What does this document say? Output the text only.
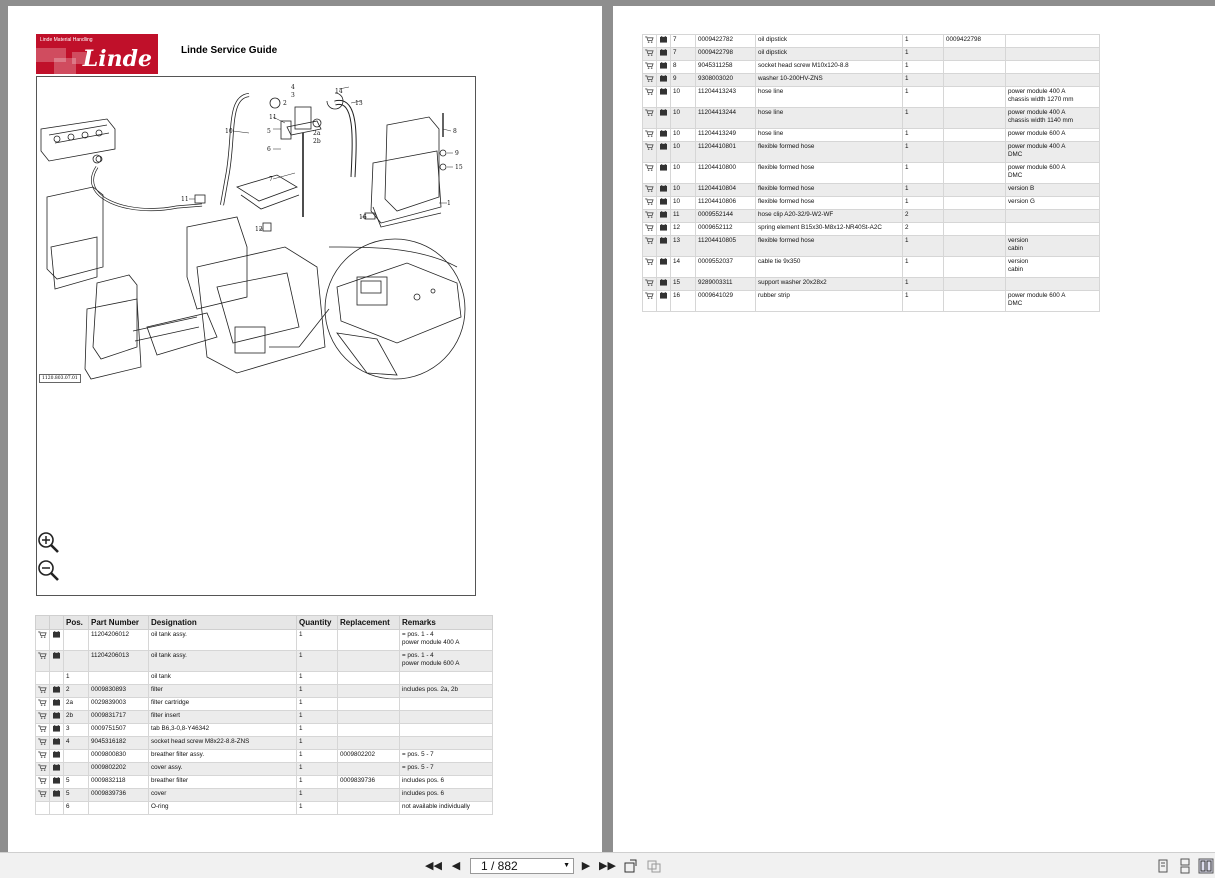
Linde Material Handling
Linde	Linde Service Guide
4
3
2
11
5
6
7
10
14
13
2a
2b
8
9
15
1
16
12
11
1120.803.07.01
		Pos.	Part Number	Designation	Quantity	Replacement	Remarks
			11204206012	oil tank assy.	1		= pos. 1 - 4
power module 400 A

			11204206013	oil tank assy.	1		= pos. 1 - 4
power module 600 A

		1		oil tank	1		

		2	0009830893	filter	1		includes pos. 2a, 2b

		2a	0029839003	filter cartridge	1		

		2b	0009831717	filter insert	1		

		3	0009751507	tab B6,3-0,8-Y46342	1		

		4	9045316182	socket head screw M8x22-8.8-ZNS	1		

			0009800830	breather filter assy.	1	0009802202	= pos. 5 - 7

			0009802202	cover assy.	1		= pos. 5 - 7

		5	0009832118	breather filter	1	0009839736	includes pos. 6

		5	0009839736	cover	1		includes pos. 6

		6		O-ring	1		not available individually
		7	0009422782	oil dipstick	1	0009422798	

		7	0009422798	oil dipstick	1		

		8	9045311258	socket head screw M10x120-8.8	1		

		9	9308003020	washer 10-200HV-ZNS	1		

		10	11204413243	hose line	1		power module 400 A
chassis width 1270 mm

		10	11204413244	hose line	1		power module 400 A
chassis width 1140 mm

		10	11204413249	hose line	1		power module 600 A

		10	11204410801	flexible formed hose	1		power module 400 A
DMC

		10	11204410800	flexible formed hose	1		power module 600 A
DMC

		10	11204410804	flexible formed hose	1		version B

		10	11204410806	flexible formed hose	1		version G

		11	0009552144	hose clip A20-32/9-W2-WF	2		

		12	0009652112	spring element B15x30-M8x12-NR40St-A2C	2		

		13	11204410805	flexible formed hose	1		version
cabin

		14	0009552037	cable tie 9x350	1		version
cabin

		15	9289003311	support washer 20x28x2	1		

		16	0009641029	rubber strip	1		power module 600 A
DMC
◀◀ ◀	1 / 882	▼	▶ ▶▶
